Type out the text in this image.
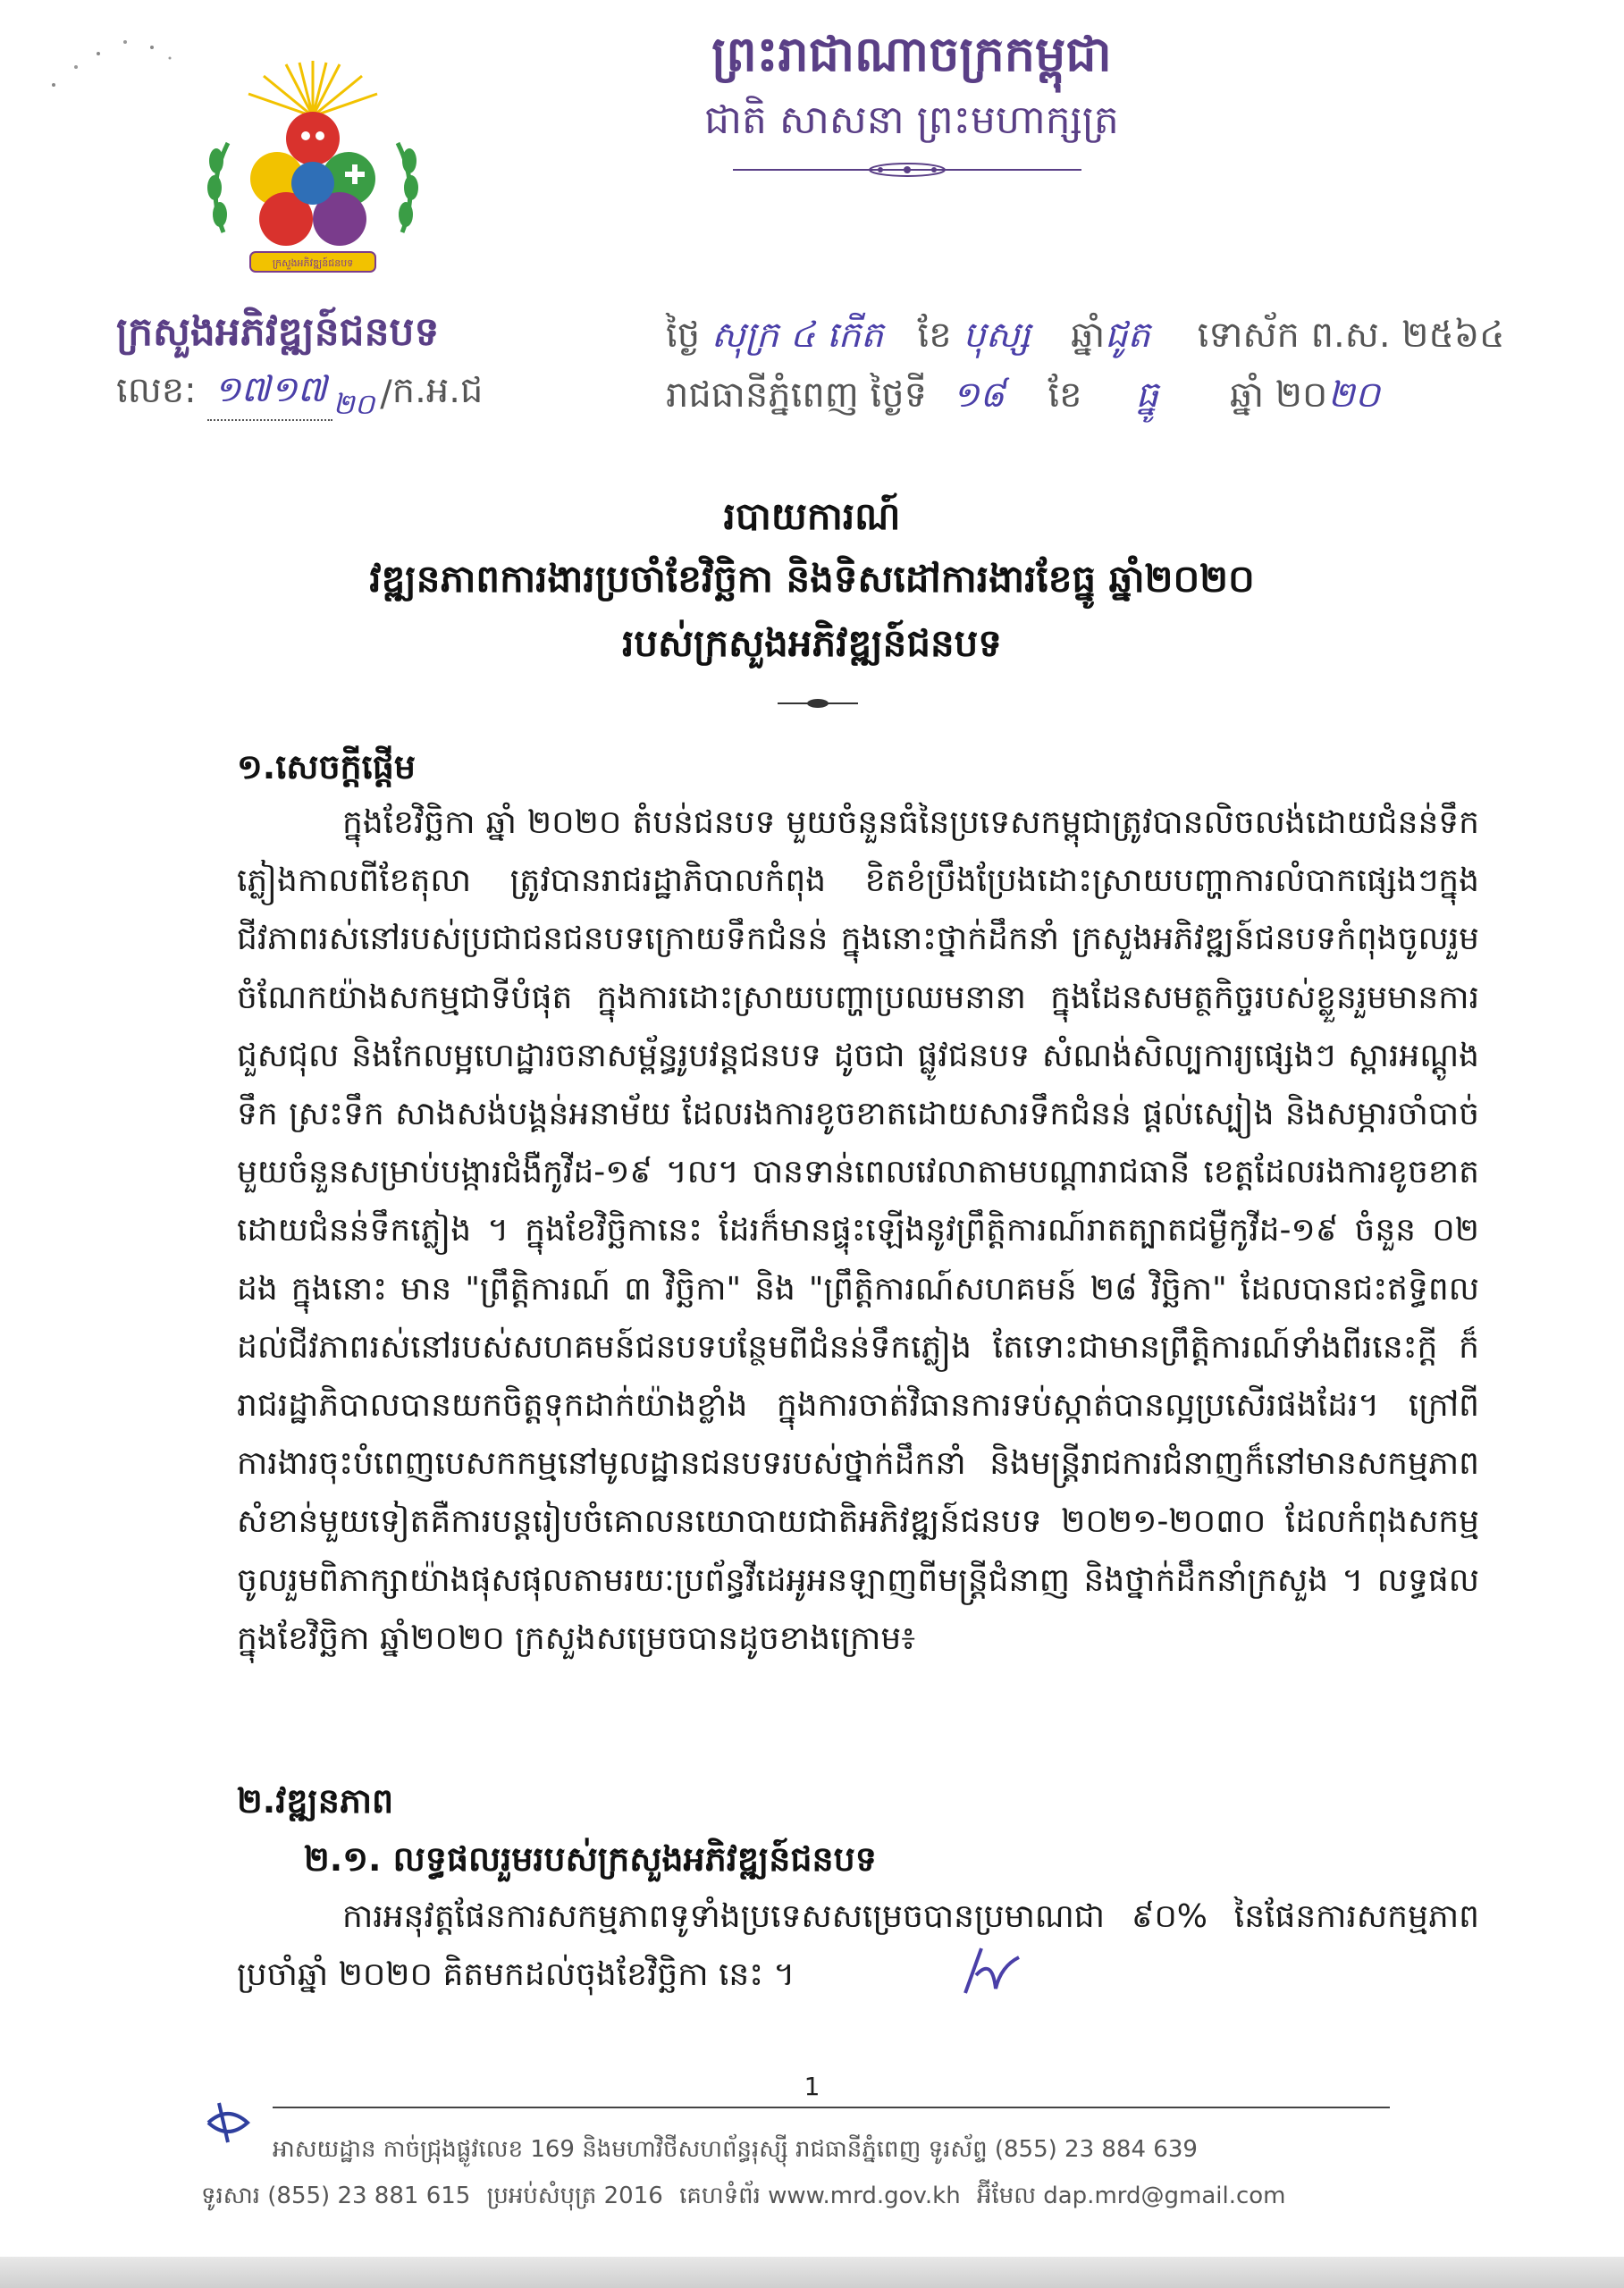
ព្រះរាជាណាចក្រកម្ពុជា
ជាតិ សាសនា ព្រះមហាក្សត្រ
ក្រសួងអភិវឌ្ឍន៍ជនបទ
ក្រសួងអភិវឌ្ឍន៍ជនបទ
លេខ: ១៧១៧ ២០ /ក.អ.ជ
ថ្ងៃ សុក្រ ៤ កើត ខែ បុស្ស ឆ្នាំជូត ទោស័ក ព.ស. ២៥៦៤
រាជធានីភ្នំពេញ ថ្ងៃទី ១៨ ខែ ធ្នូ ឆ្នាំ ២០២០
របាយការណ៍
វឌ្ឍនភាពការងារប្រចាំខែវិច្ឆិកា និងទិសដៅការងារខែធ្នូ ឆ្នាំ២០២០
របស់ក្រសួងអភិវឌ្ឍន៍ជនបទ
១.សេចក្តីផ្តើម

ក្នុងខែវិច្ឆិកា ឆ្នាំ ២០២០ តំបន់ជនបទ មួយចំនួនធំនៃប្រទេសកម្ពុជាត្រូវបានលិចលង់ដោយជំនន់ទឹកភ្លៀងកាលពីខែតុលា ត្រូវបានរាជរដ្ឋាភិបាលកំពុង ខិតខំប្រឹងប្រែងដោះស្រាយបញ្ហាការលំបាកផ្សេងៗក្នុងជីវភាពរស់នៅរបស់ប្រជាជនជនបទក្រោយទឹកជំនន់ ក្នុងនោះថ្នាក់ដឹកនាំ ក្រសួងអភិវឌ្ឍន៍ជនបទកំពុងចូលរួមចំណែកយ៉ាងសកម្មជាទីបំផុត ក្នុងការដោះស្រាយបញ្ហាប្រឈមនានា ក្នុងដែនសមត្ថកិច្ចរបស់ខ្លួនរួមមានការជួសជុល និងកែលម្អហេដ្ឋារចនាសម្ព័ន្ធរូបវន្តជនបទ ដូចជា ផ្លូវជនបទ សំណង់សិល្បការ្យផ្សេងៗ ស្ពារអណ្តូងទឹក ស្រះទឹក សាងសង់បង្គន់អនាម័យ ដែលរងការខូចខាតដោយសារទឹកជំនន់ ផ្តល់ស្បៀង និងសម្ភារចាំបាច់មួយចំនួនសម្រាប់បង្ការជំងឺកូវីដ-១៩ ។ល។ បានទាន់ពេលវេលាតាមបណ្តារាជធានី ខេត្តដែលរងការខូចខាតដោយជំនន់ទឹកភ្លៀង ។ ក្នុងខែវិច្ឆិកានេះ ដែរក៏មានផ្ទុះឡើងនូវព្រឹត្តិការណ៍រាតត្បាតជម្ងឺកូវីដ-១៩ ចំនួន ០២ ដង ក្នុងនោះ មាន "ព្រឹត្តិការណ៍ ៣ វិច្ឆិកា" និង "ព្រឹត្តិការណ៍សហគមន៍ ២៨ វិច្ឆិកា" ដែលបានជះឥទ្ធិពលដល់ជីវភាពរស់នៅរបស់សហគមន៍ជនបទបន្ថែមពីជំនន់ទឹកភ្លៀង តែទោះជាមានព្រឹត្តិការណ៍ទាំងពីរនេះក្តី ក៏រាជរដ្ឋាភិបាលបានយកចិត្តទុកដាក់យ៉ាងខ្លាំង ក្នុងការចាត់វិធានការទប់ស្កាត់បានល្អប្រសើរផងដែរ។ ក្រៅពីការងារចុះបំពេញបេសកកម្មនៅមូលដ្ឋានជនបទរបស់ថ្នាក់ដឹកនាំ និងមន្ត្រីរាជការជំនាញក៏នៅមានសកម្មភាពសំខាន់មួយទៀតគឺការបន្តរៀបចំគោលនយោបាយជាតិអភិវឌ្ឍន៍ជនបទ ២០២១-២០៣០ ដែលកំពុងសកម្មចូលរួមពិភាក្សាយ៉ាងផុសផុលតាមរយៈប្រព័ន្ធវីដេអូអនឡាញពីមន្ត្រីជំនាញ និងថ្នាក់ដឹកនាំក្រសួង ។ លទ្ធផលក្នុងខែវិច្ឆិកា ឆ្នាំ២០២០ ក្រសួងសម្រេចបានដូចខាងក្រោម៖

២.វឌ្ឍនភាព
២.១. លទ្ធផលរួមរបស់ក្រសួងអភិវឌ្ឍន៍ជនបទ

ការអនុវត្តផែនការសកម្មភាពទូទាំងប្រទេសសម្រេចបានប្រមាណជា ៩០% នៃផែនការសកម្មភាពប្រចាំឆ្នាំ ២០២០ គិតមកដល់ចុងខែវិច្ឆិកា នេះ ។

1
អាសយដ្ឋាន កាច់ជ្រុងផ្លូវលេខ 169 និងមហាវិថីសហព័ន្ធរុស្ស៊ី រាជធានីភ្នំពេញ ទូរស័ព្ទ (855) 23 884 639
ទូរសារ (855) 23 881 615 ប្រអប់សំបុត្រ 2016 គេហទំព័រ www.mrd.gov.kh អ៊ីមែល dap.mrd@gmail.com
